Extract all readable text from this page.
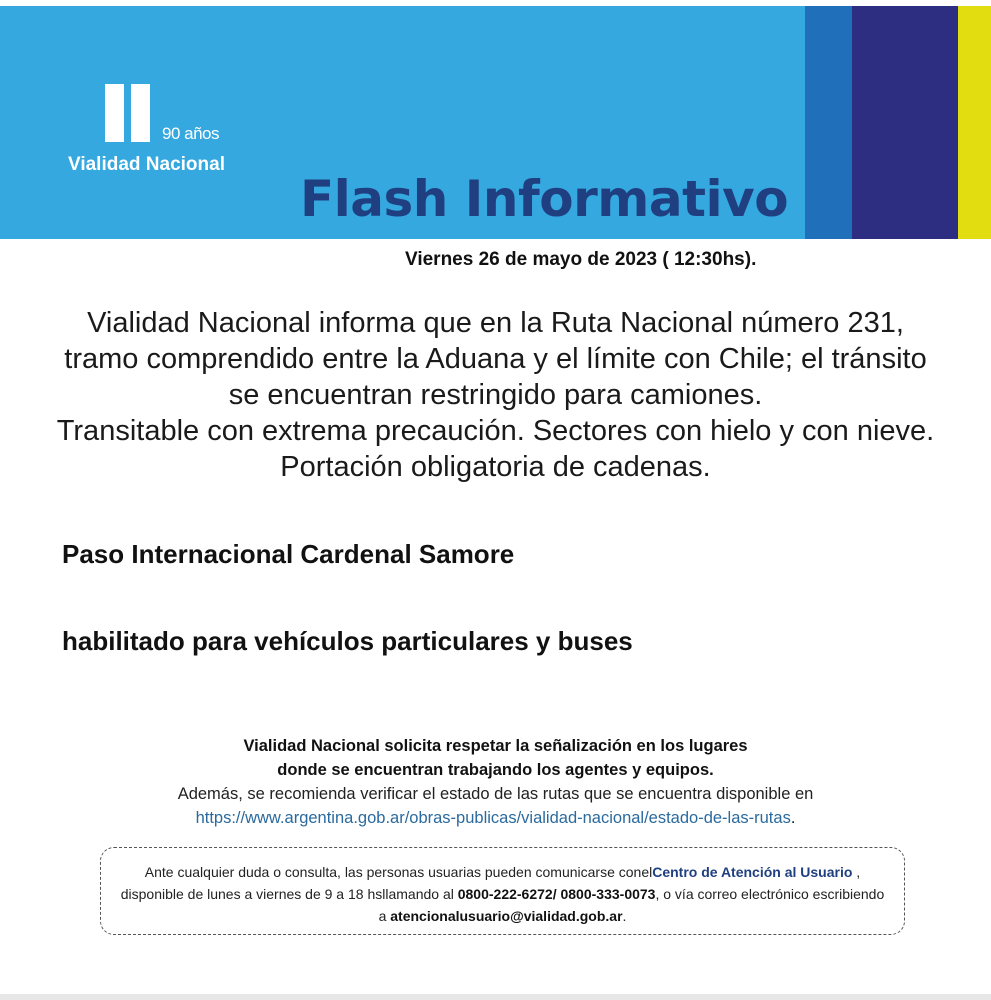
90 años
Vialidad Nacional
Flash Informativo
Viernes 26 de mayo de 2023 ( 12:30hs).
Vialidad Nacional informa que en la Ruta Nacional número 231,
tramo comprendido entre la Aduana y el límite con Chile; el tránsito
se encuentran restringido para camiones.
Transitable con extrema precaución. Sectores con hielo y con nieve.
Portación obligatoria de cadenas.
Paso Internacional Cardenal Samore
habilitado para vehículos particulares y buses
Vialidad Nacional solicita respetar la señalización en los lugares
donde se encuentran trabajando los agentes y equipos.
Además, se recomienda verificar el estado de las rutas que se encuentra disponible en
https://www.argentina.gob.ar/obras-publicas/vialidad-nacional/estado-de-las-rutas.
Ante cualquier duda o consulta, las personas usuarias pueden comunicarse conelCentro de Atención al Usuario , disponible de lunes a viernes de 9 a 18 hsllamando al 0800-222-6272/ 0800-333-0073, o vía correo electrónico escribiendo a atencionalusuario@vialidad.gob.ar.
